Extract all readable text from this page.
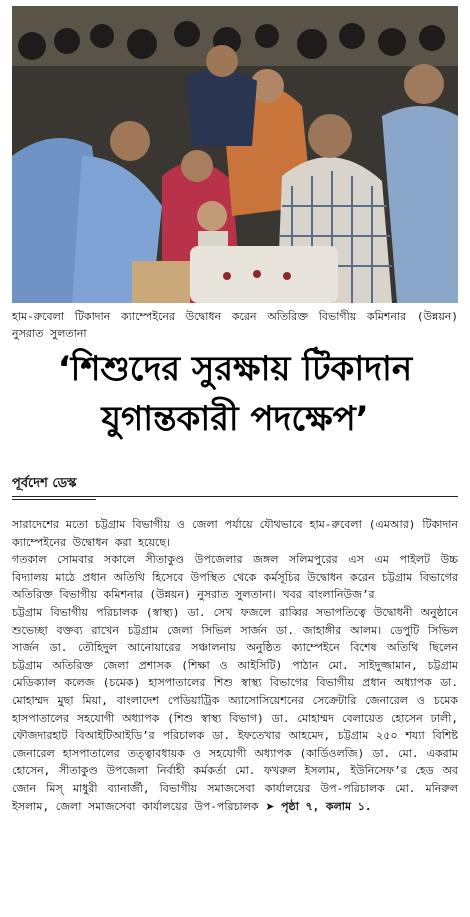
হাম-রুবেলা টিকাদান ক্যাম্পেইনের উদ্বোধন করেন অতিরিক্ত বিভাগীয় কমিশনার (উন্নয়ন) নুসরাত সুলতানা
‘শিশুদের সুরক্ষায় টিকাদান
যুগান্তকারী পদক্ষেপ’
পূর্বদেশ ডেস্ক

সারাদেশের মতো চট্টগ্রাম বিভাগীয় ও জেলা পর্যায়ে যৌথভাবে হাম-রুবেলা (এমআর) টিকাদান ক্যাম্পেইনের উদ্বোধন করা হয়েছে।

গতকাল সোমবার সকালে সীতাকুণ্ড উপজেলার জঙ্গল সলিমপুরের এস এম পাইলট উচ্চ বিদ্যালয় মাঠে প্রধান অতিথি হিসেবে উপস্থিত থেকে কর্মসূচির উদ্বোধন করেন চট্টগ্রাম বিভাগের অতিরিক্ত বিভাগীয় কমিশনার (উন্নয়ন) নুসরাত সুলতানা। খবর বাংলানিউজ’র

চট্টগ্রাম বিভাগীয় পরিচালক (স্বাস্থ্য) ডা. সেখ ফজলে রাব্বির সভাপতিত্বে উদ্বোধনী অনুষ্ঠানে শুভেচ্ছা বক্তব্য রাখেন চট্টগ্রাম জেলা সিভিল সার্জন ডা. জাহাঙ্গীর আলম। ডেপুটি সিভিল সার্জন ডা. তৌহিদুল আনোয়ারের সঞ্চালনায় অনুষ্ঠিত ক্যাম্পেইনে বিশেষ অতিথি ছিলেন চট্টগ্রাম অতিরিক্ত জেলা প্রশাসক (শিক্ষা ও আইসিটি) পাঠান মো. সাইদুজ্জামান, চট্টগ্রাম মেডিক্যাল কলেজ (চমেক) হাসপাতালের শিশু স্বাস্থ্য বিভাগের বিভাগীয় প্রধান অধ্যাপক ডা. মোহাম্মদ মুছা মিয়া, বাংলাদেশ পেডিয়াট্রিক অ্যাসোসিয়েশনের সেক্রেটারি জেনারেল ও চমেক হাসপাতালের সহযোগী অধ্যাপক (শিশু স্বাস্থ্য বিভাগ) ডা. মোহাম্মদ বেলায়েত হোসেন ঢালী, ফৌজদারহাট বিআইটিআইডি’র পরিচালক ডা. ইফতেখার আহমেদ, চট্টগ্রাম ২৫০ শয্যা বিশিষ্ট জেনারেল হাসপাতালের তত্ত্বাবধায়ক ও সহযোগী অধ্যাপক (কার্ডিওলজি) ডা. মো. একরাম হোসেন, সীতাকুণ্ড উপজেলা নির্বাহী কর্মকর্তা মো. ফখরুল ইসলাম, ইউনিসেফ’র হেড অব জোন মিস্ মাধুরী ব্যানার্জী, বিভাগীয় সমাজসেবা কার্যালয়ের উপ-পরিচালক মো. মনিরুল ইসলাম, জেলা সমাজসেবা কার্যালয়ের উপ-পরিচালক ➤ পৃষ্ঠা ৭, কলাম ১.
